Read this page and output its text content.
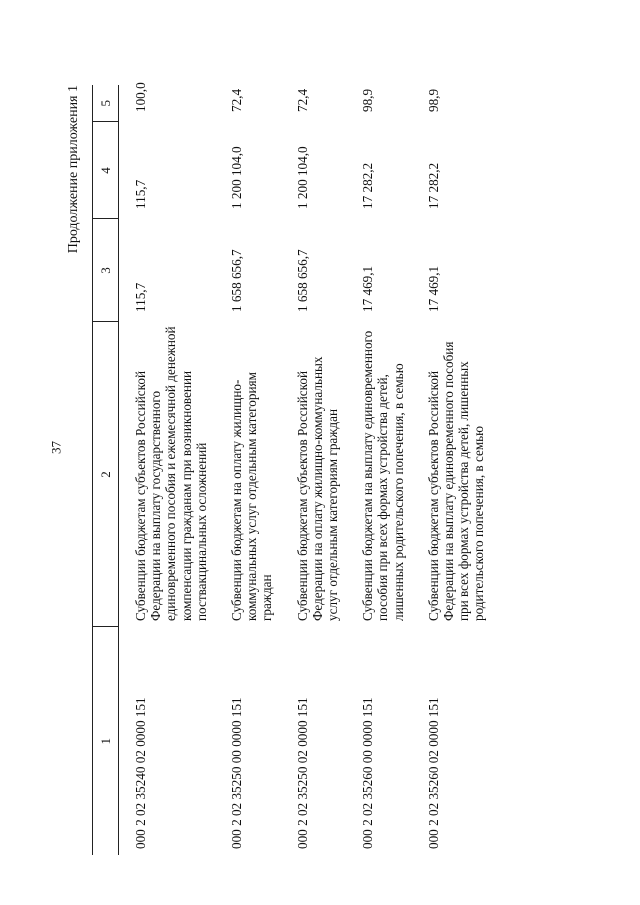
37
Продолжение приложения 1
1	2	3	4	5
000 2 02 35240 02 0000 151	Субвенции бюджетам субъектов Российской Федерации на выплату государственного единовременного пособия и ежемесячной денежной компенсации гражданам при возникновении поствакцинальных осложнений	115,7	115,7	100,0
000 2 02 35250 00 0000 151	Субвенции бюджетам на оплату жилищно-коммунальных услуг отдельным категориям граждан	1 658 656,7	1 200 104,0	72,4
000 2 02 35250 02 0000 151	Субвенции бюджетам субъектов Российской Федерации на оплату жилищно-коммунальных услуг отдельным категориям граждан	1 658 656,7	1 200 104,0	72,4
000 2 02 35260 00 0000 151	Субвенции бюджетам на выплату единовременного пособия при всех формах устройства детей, лишенных родительского попечения, в семью	17 469,1	17 282,2	98,9
000 2 02 35260 02 0000 151	Субвенции бюджетам субъектов Российской Федерации на выплату единовременного пособия при всех формах устройства детей, лишенных родительского попечения, в семью	17 469,1	17 282,2	98,9
